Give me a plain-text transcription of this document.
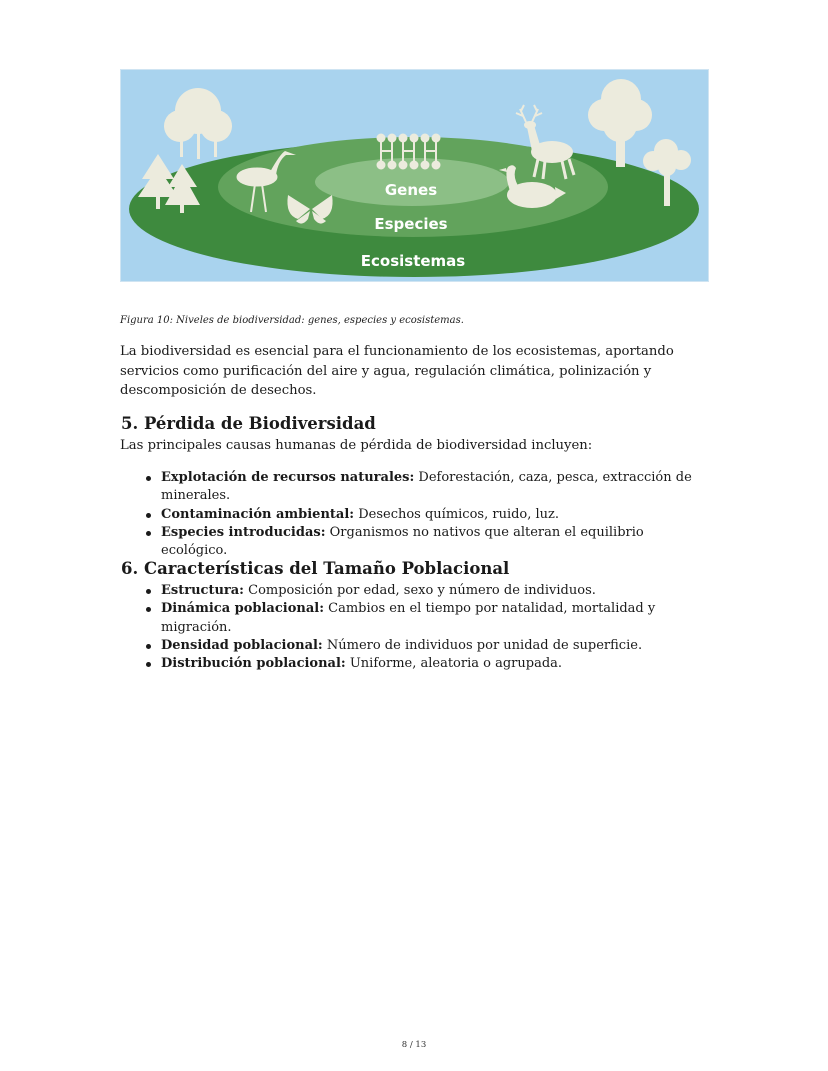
Genes
Especies
Ecosistemas
Figura 10: Niveles de biodiversidad: genes, especies y ecosistemas.

La biodiversidad es esencial para el funcionamiento de los ecosistemas, aportando servicios como purificación del aire y agua, regulación climática, polinización y descomposición de desechos.

5. Pérdida de Biodiversidad
Las principales causas humanas de pérdida de biodiversidad incluyen:
Explotación de recursos naturales: Deforestación, caza, pesca, extracción de minerales.
Contaminación ambiental: Desechos químicos, ruido, luz.
Especies introducidas: Organismos no nativos que alteran el equilibrio ecológico.
6. Características del Tamaño Poblacional
Estructura: Composición por edad, sexo y número de individuos.
Dinámica poblacional: Cambios en el tiempo por natalidad, mortalidad y migración.
Densidad poblacional: Número de individuos por unidad de superficie.
Distribución poblacional: Uniforme, aleatoria o agrupada.
8 / 13
